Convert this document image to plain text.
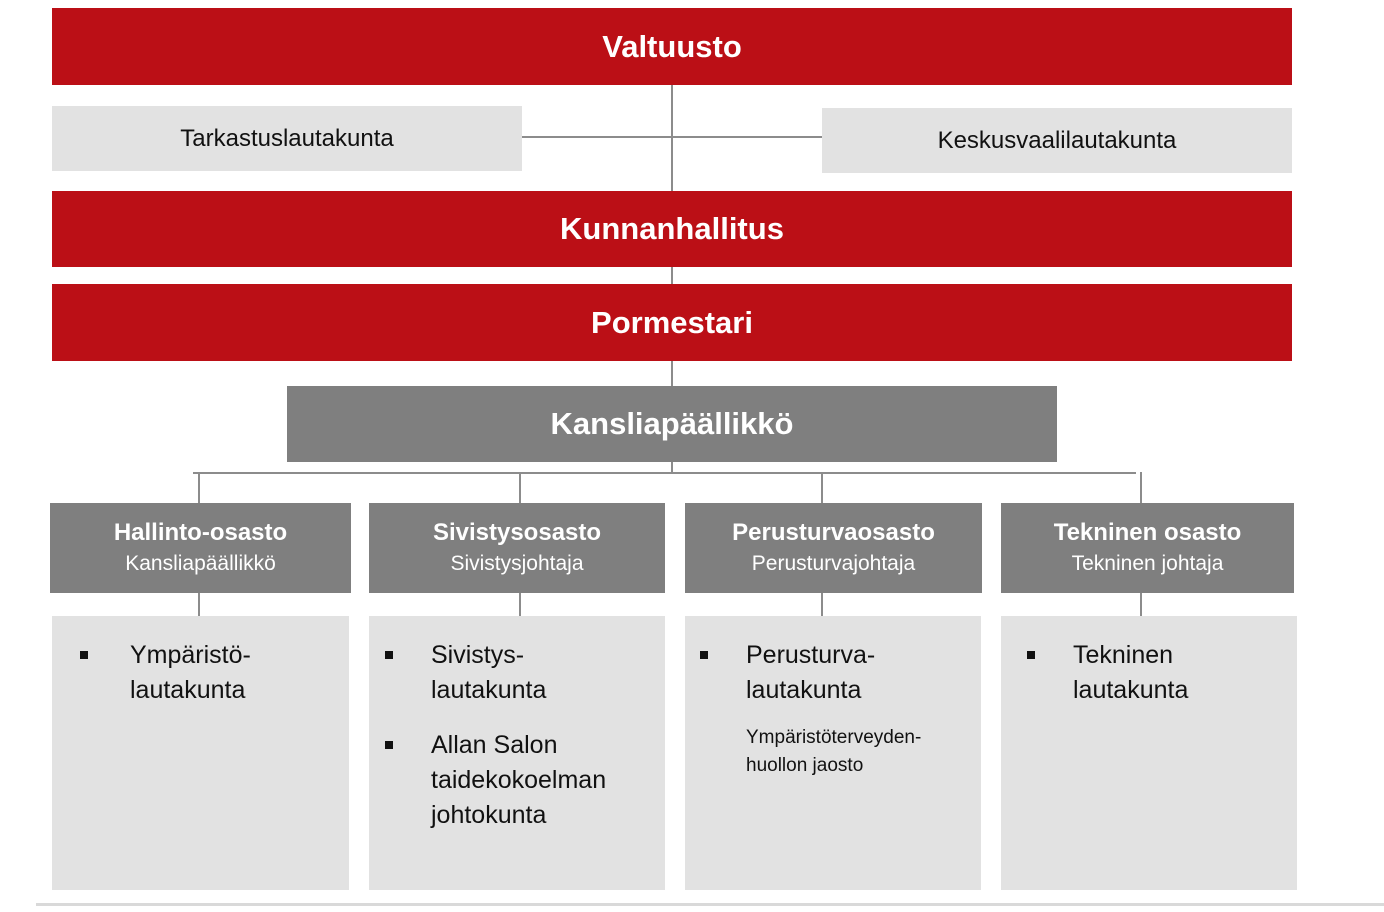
Valtuusto
Tarkastuslautakunta	Keskusvaalilautakunta
Kunnanhallitus
Pormestari
Kansliapäällikkö
Hallinto-osasto
Kansliapäällikkö
Sivistysosasto
Sivistysjohtaja
Perusturvaosasto
Perusturvajohtaja
Tekninen osasto
Tekninen johtaja
Ympäristö-
lautakunta
Sivistys-
lautakunta
Allan Salon
taidekokoelman
johtokunta
Perusturva-
lautakunta
Ympäristöterveyden-
huollon jaosto
Tekninen
lautakunta
